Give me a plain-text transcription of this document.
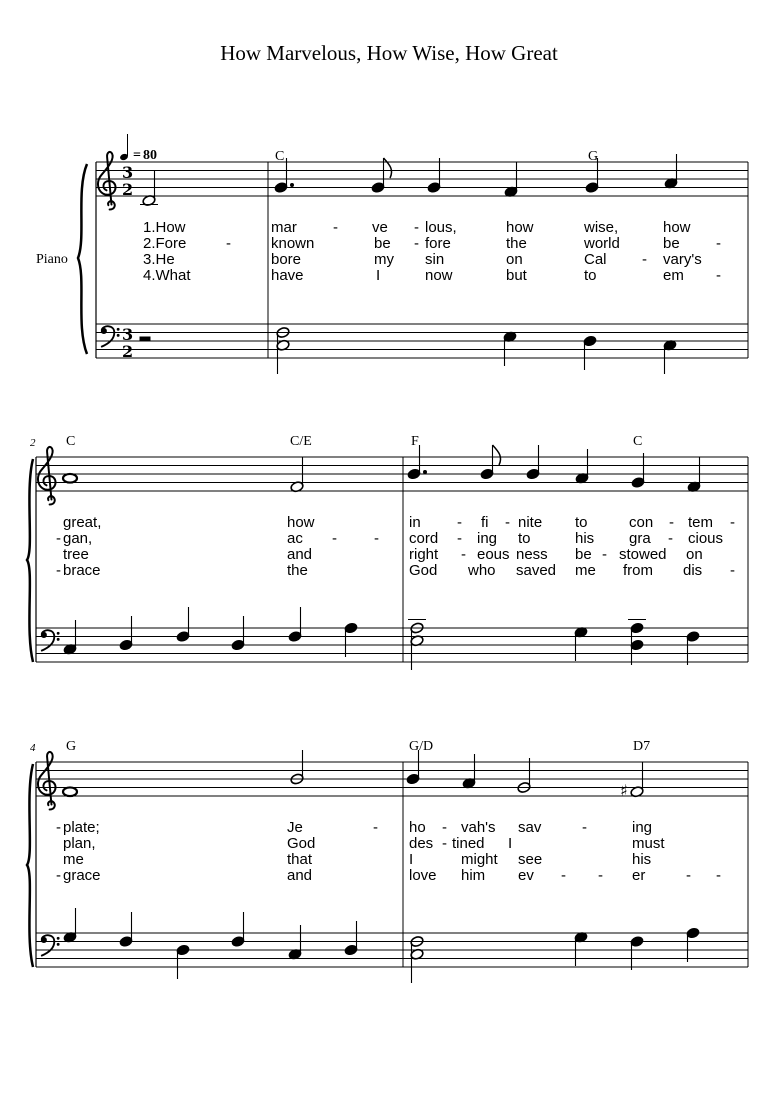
How Marvelous, How Wise, How Great
Piano
= 80
3
2
3
2
C	G
1.How	mar - ve - lous,	how	wise,	how
2.Fore	-	known	be - fore	the	world	be -
3.He	bore	my sin	on	Cal - vary's
4.What	have	I	now	but	to	em -
2 C	C/E	F	C
great,	how	in - fi - nite to	con - tem -
- gan,	ac - - cord - ing to	his gra - cious
tree	and	right - eous ness be - stowed on
- brace	the	God who saved me from dis -
4 G	G/D	D7
♯
- plate;	Je	- ho - vah's sav	-	ing
plan,	God	des - tined I	must
me	that	I	might see	his
- grace	and	love him ev - - er	- -
